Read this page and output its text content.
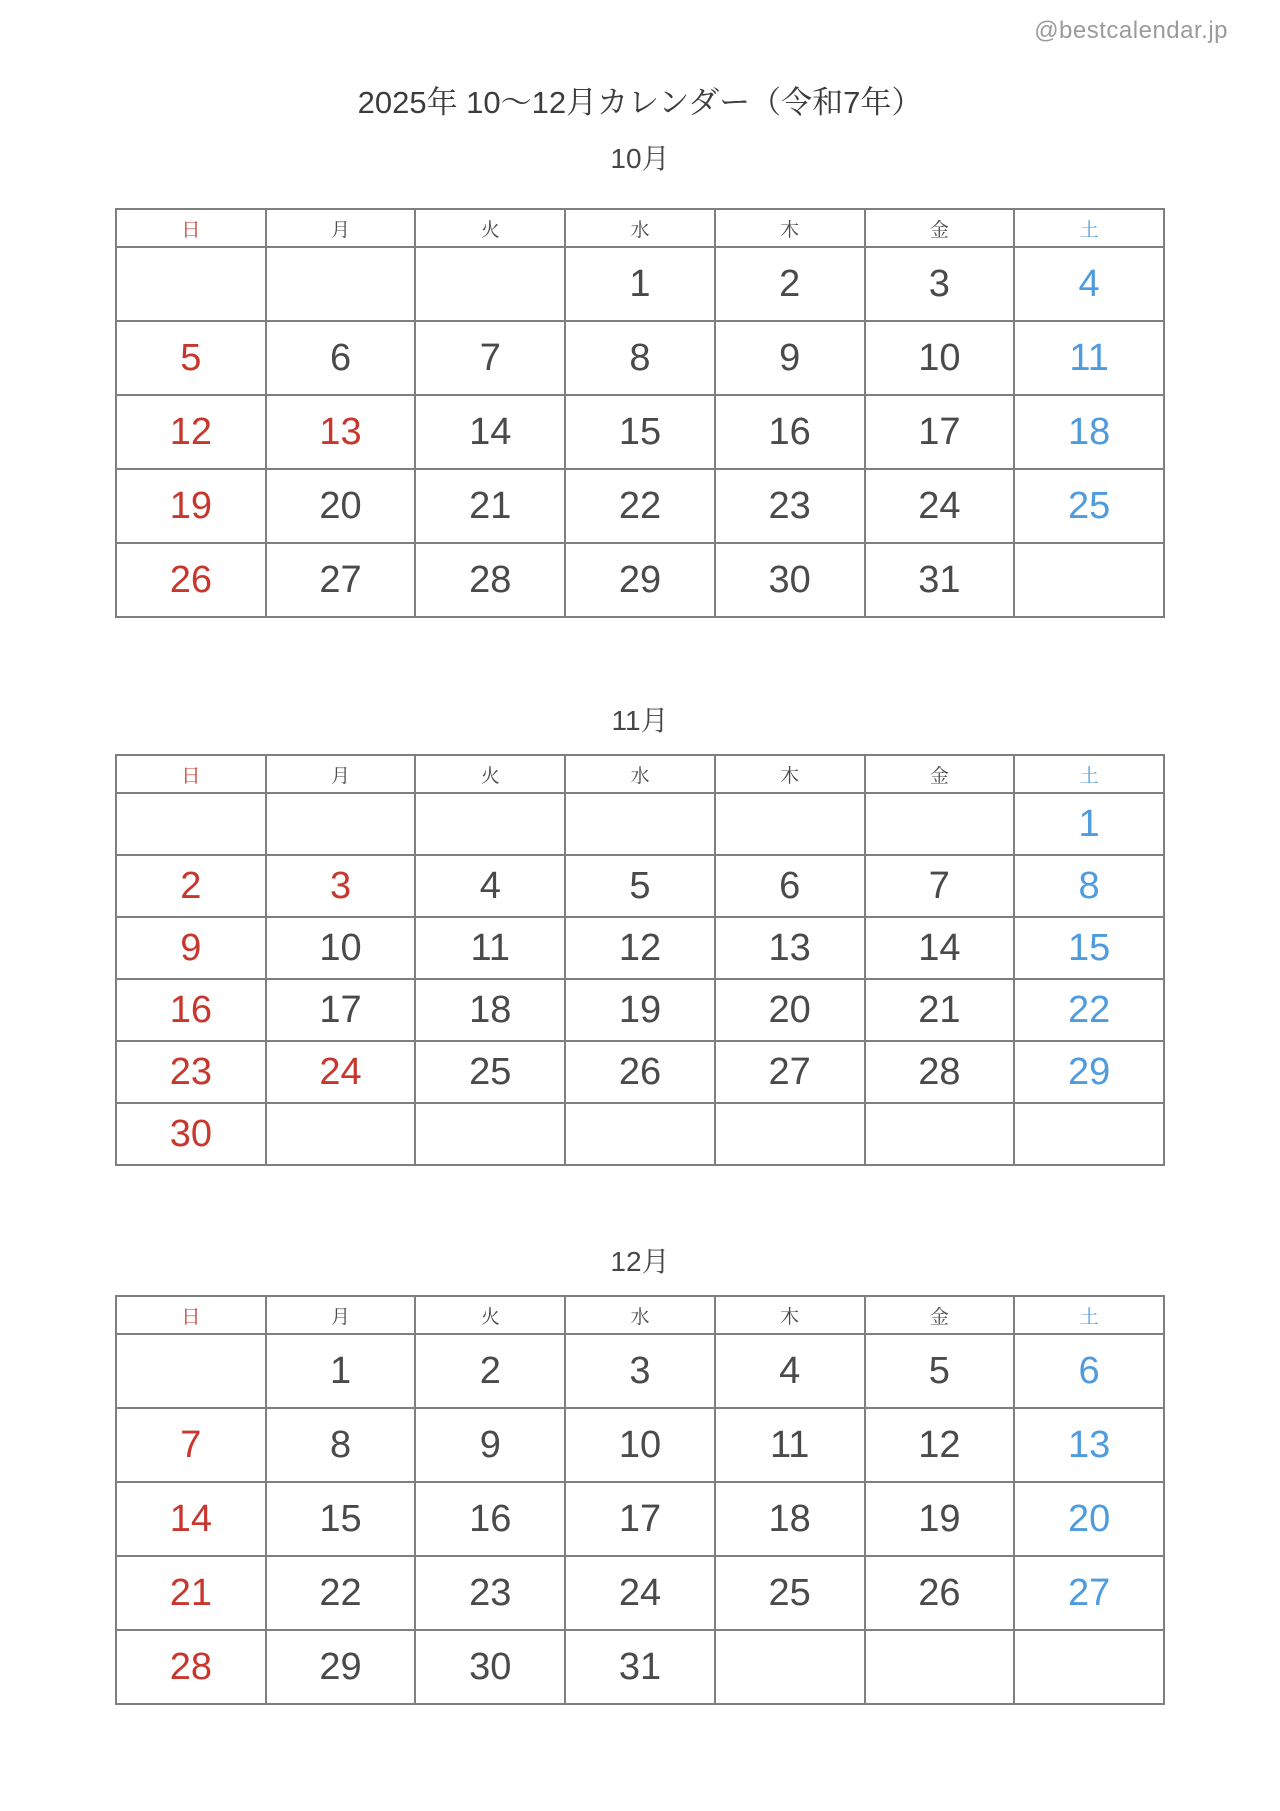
@bestcalendar.jp
2025年 10〜12月カレンダー（令和7年）
10月
日	月	火	水	木	金	土
			1	2	3	4
5	6	7	8	9	10	11
12	13	14	15	16	17	18
19	20	21	22	23	24	25
26	27	28	29	30	31	
11月
日	月	火	水	木	金	土
						1
2	3	4	5	6	7	8
9	10	11	12	13	14	15
16	17	18	19	20	21	22
23	24	25	26	27	28	29
30						
12月
日	月	火	水	木	金	土
	1	2	3	4	5	6
7	8	9	10	11	12	13
14	15	16	17	18	19	20
21	22	23	24	25	26	27
28	29	30	31			
